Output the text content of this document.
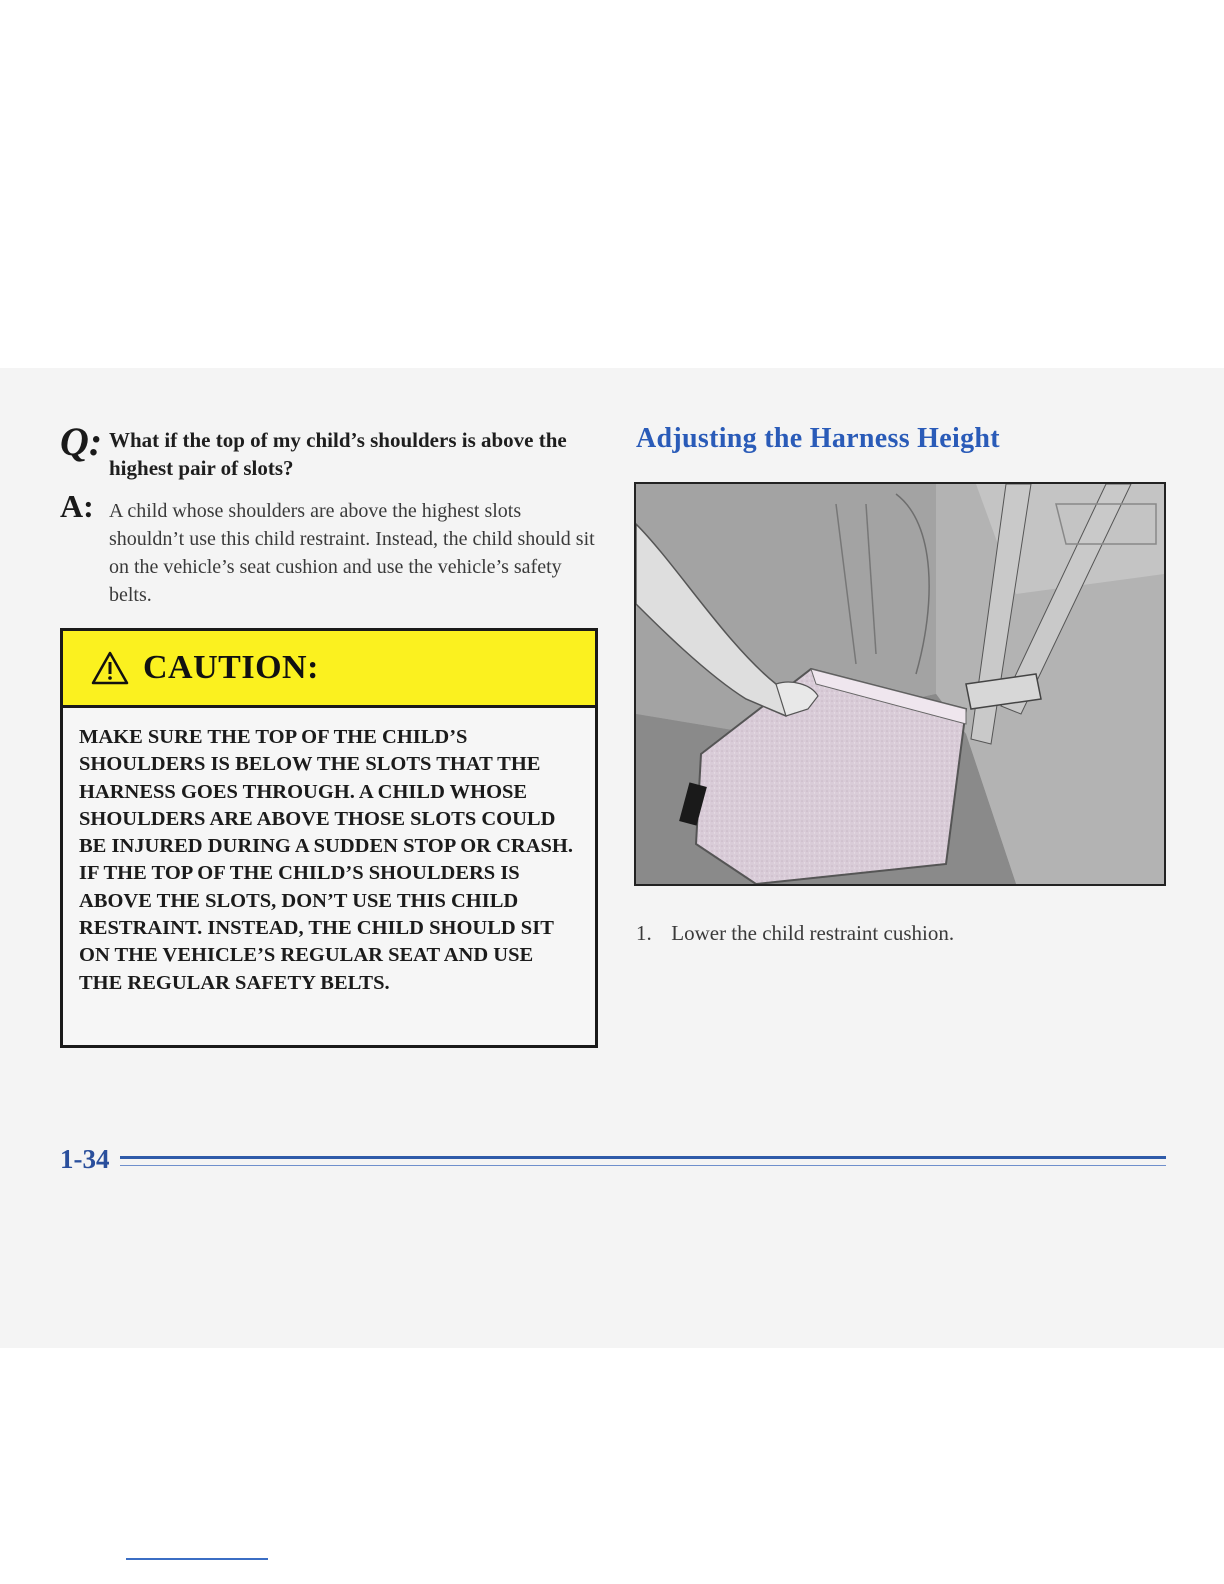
Q: What if the top of my child’s shoulders is above the highest pair of slots?
A: A child whose shoulders are above the highest slots shouldn’t use this child restraint. Instead, the child should sit on the vehicle’s seat cushion and use the vehicle’s safety belts.
CAUTION:
MAKE SURE THE TOP OF THE CHILD’S SHOULDERS IS BELOW THE SLOTS THAT THE HARNESS GOES THROUGH. A CHILD WHOSE SHOULDERS ARE ABOVE THOSE SLOTS COULD BE INJURED DURING A SUDDEN STOP OR CRASH. IF THE TOP OF THE CHILD’S SHOULDERS IS ABOVE THE SLOTS, DON’T USE THIS CHILD RESTRAINT. INSTEAD, THE CHILD SHOULD SIT ON THE VEHICLE’S REGULAR SEAT AND USE THE REGULAR SAFETY BELTS.
Adjusting the Harness Height
1. Lower the child restraint cushion.
1-34
